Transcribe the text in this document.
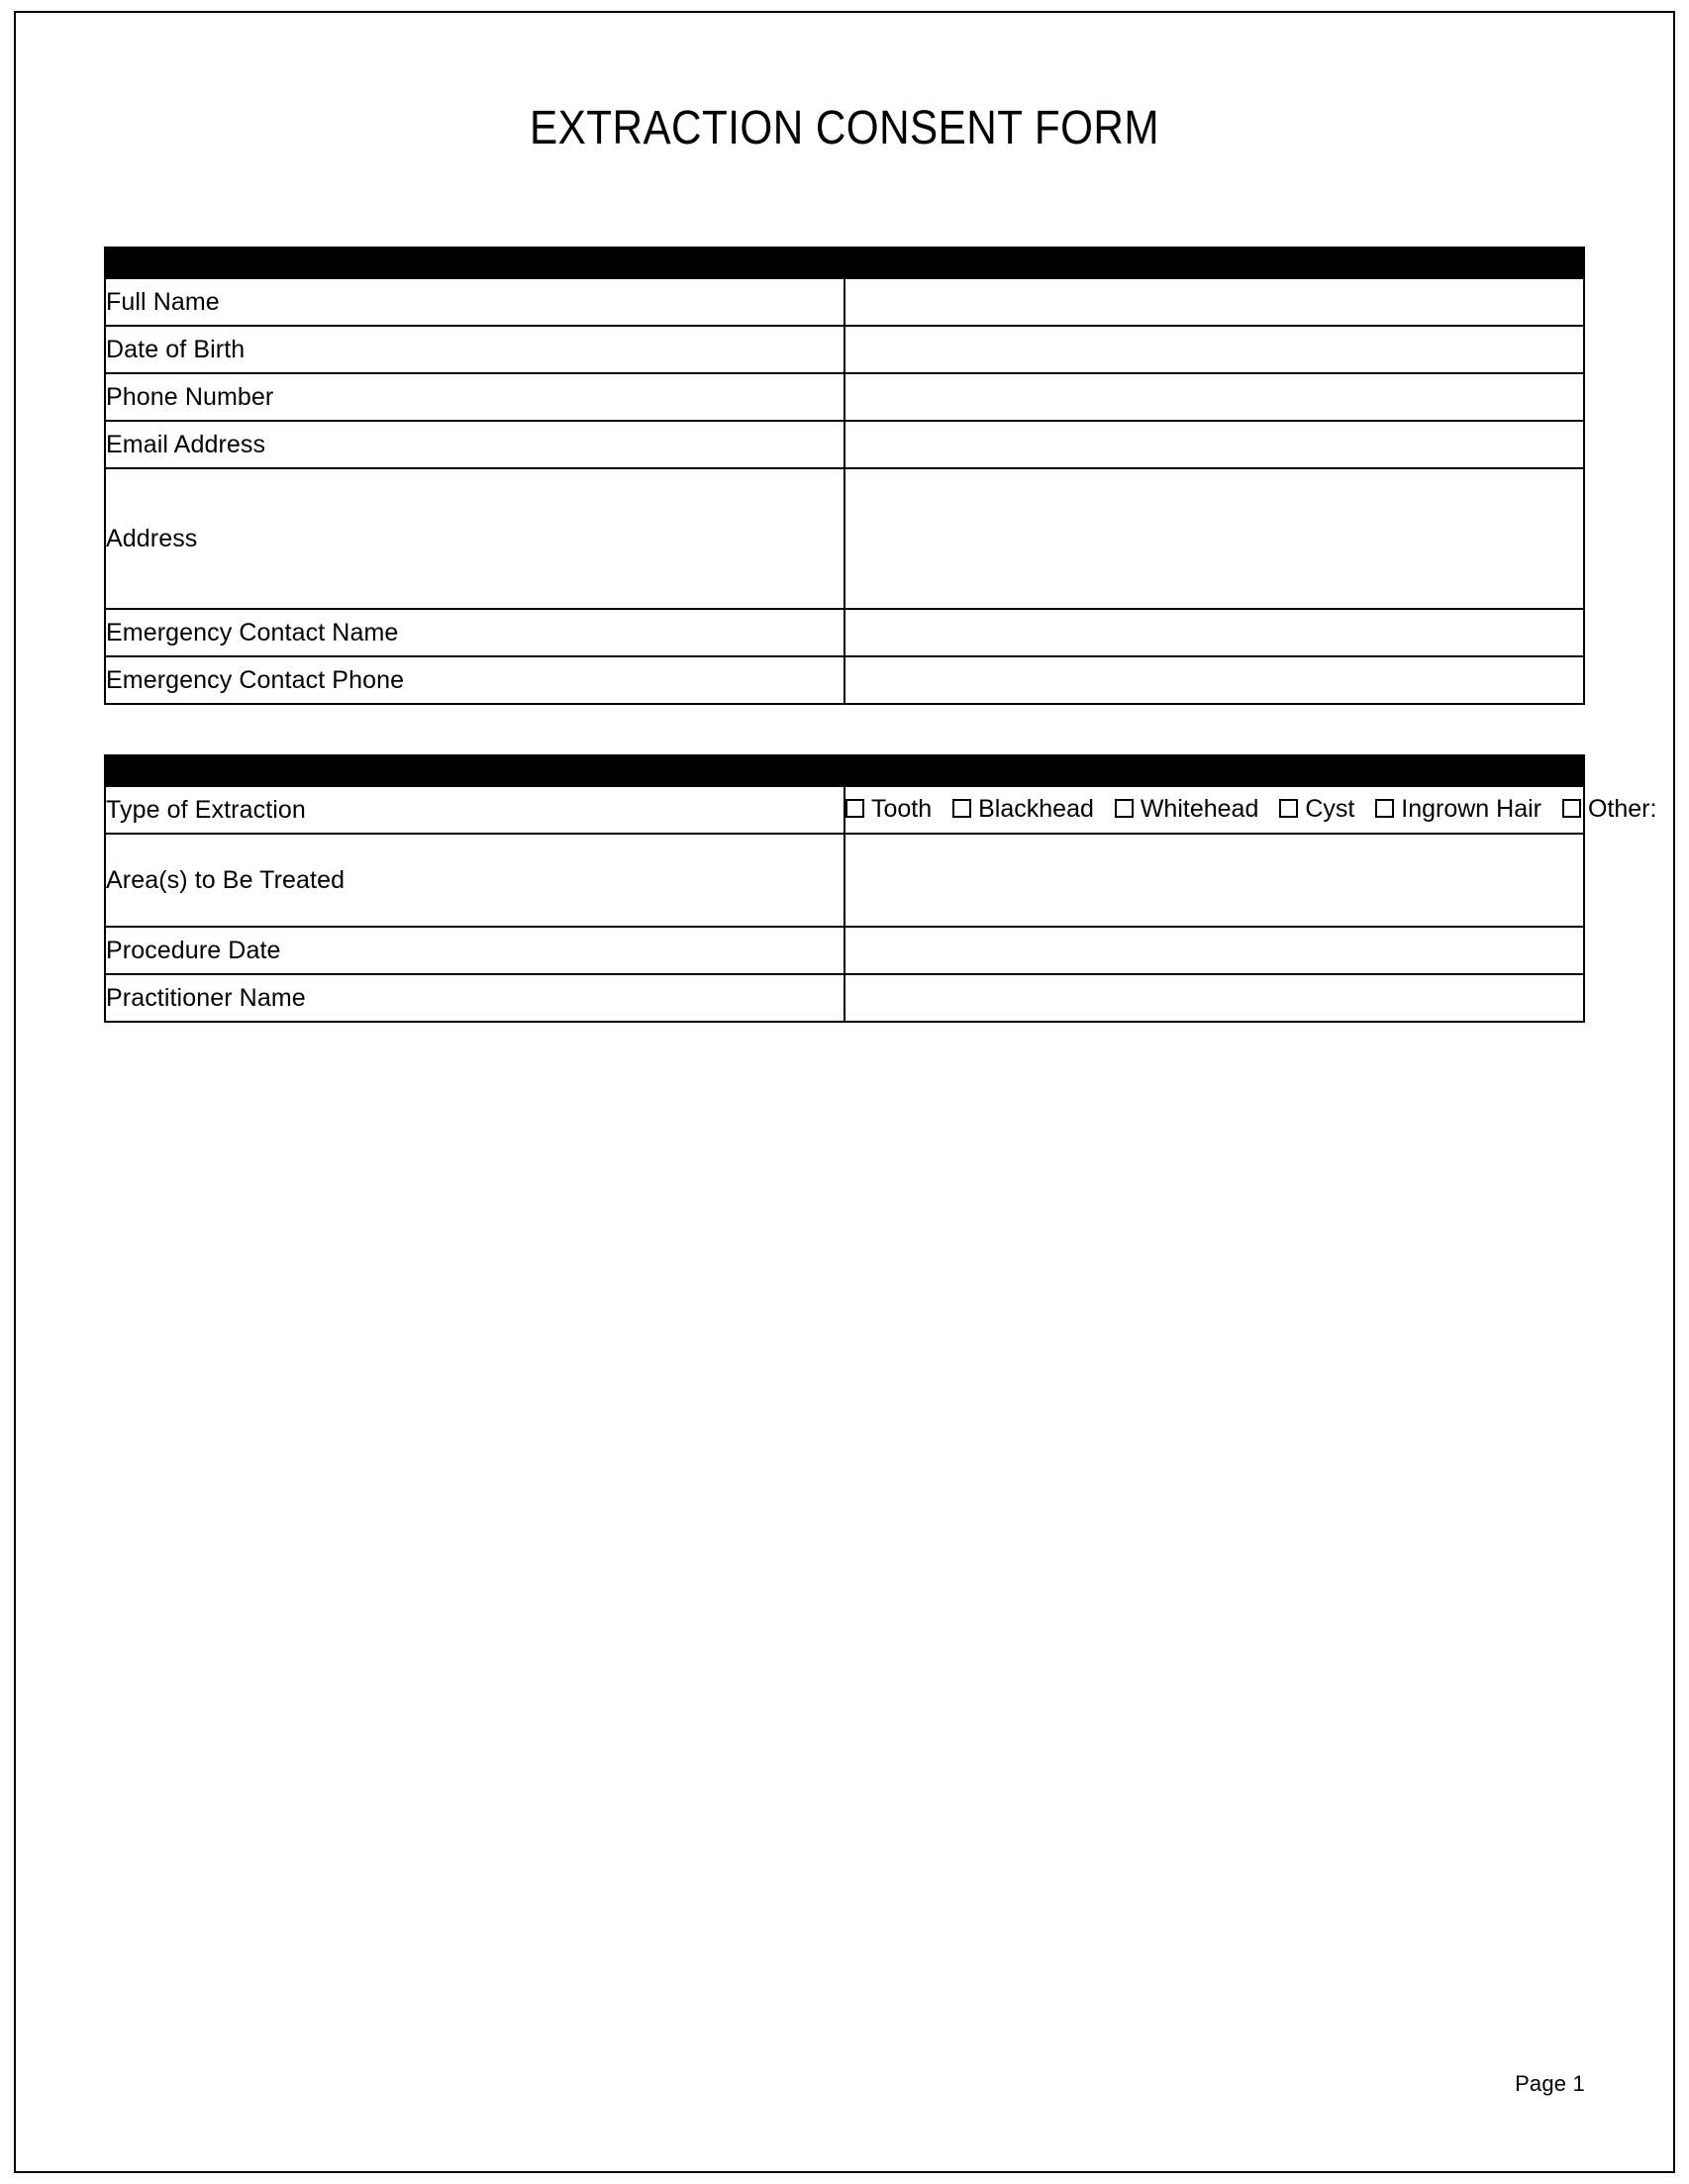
EXTRACTION CONSENT FORM
PATIENT INFORMATION	
Full Name	
Date of Birth	
Phone Number	
Email Address	
Address	
Emergency Contact Name	
Emergency Contact Phone	
PROCEDURE DETAILS	
Type of Extraction	Tooth Blackhead Whitehead Cyst Ingrown Hair Other:
Area(s) to Be Treated	
Procedure Date	
Practitioner Name	
Page 1
